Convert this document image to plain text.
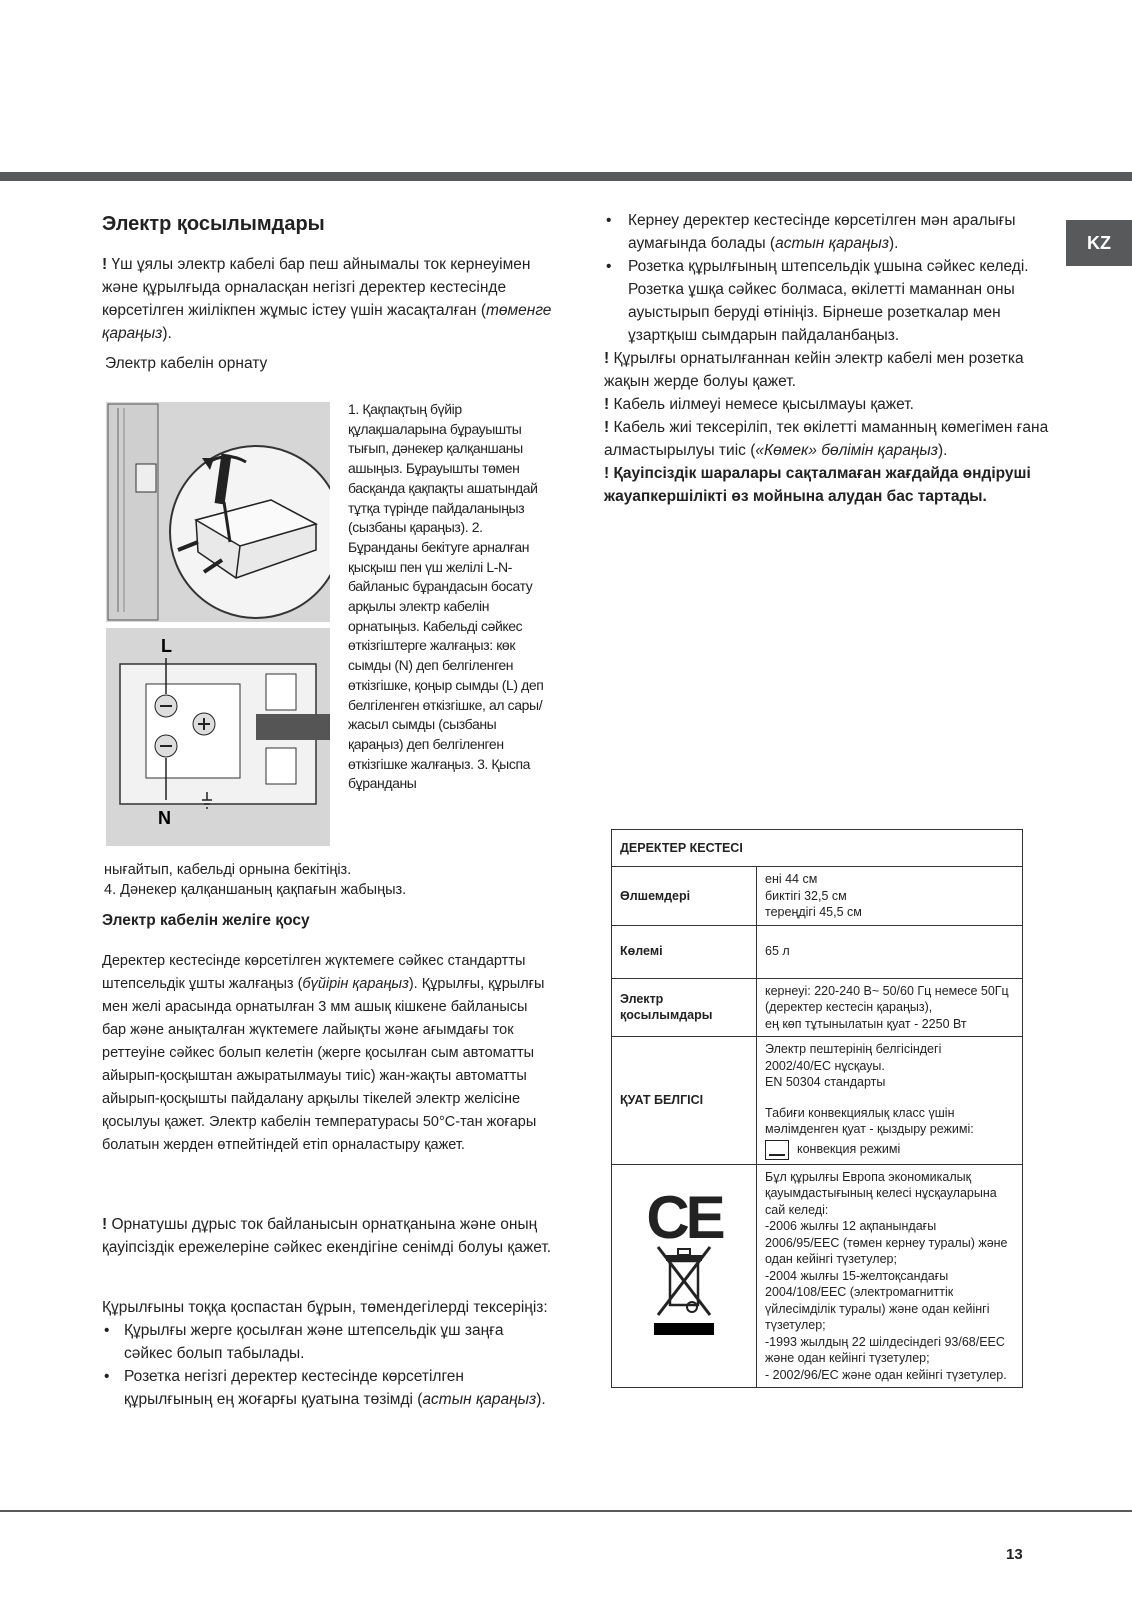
KZ
Электр қосылымдары

! Үш ұялы электр кабелі бар пеш айнымалы ток кернеуімен және құрылғыда орналасқан негізгі деректер кестесінде көрсетілген жиілікпен жұмыс істеу үшін жасақталған (төменге қараңыз).

Электр кабелін орнату
L
N
1. Қақпақтың бүйір құлақшаларына бұрауышты тығып, дәнекер қалқаншаны ашыңыз. Бұрауышты төмен басқанда қақпақты ашатындай тұтқа түрінде пайдаланыңыз (сызбаны қараңыз). 2. Бұранданы бекітуге арналған қысқыш пен үш желілі L-N- байланыс бұрандасын босату арқылы электр кабелін орнатыңыз. Кабельді сәйкес өткізгіштерге жалғаңыз: көк сымды (N) деп белгіленген өткізгішке, қоңыр сымды (L) деп белгіленген өткізгішке, ал сары/жасыл сымды (сызбаны қараңыз) деп белгіленген өткізгішке жалғаңыз. 3. Қыспа бұранданы
нығайтып, кабельді орнына бекітіңіз.
4. Дәнекер қалқаншаның қақпағын жабыңыз.
Электр кабелін желіге қосу

Деректер кестесінде көрсетілген жүктемеге сәйкес стандартты штепсельдік ұшты жалғаңыз (бүйірін қараңыз). Құрылғы, құрылғы мен желі арасында орнатылған 3 мм ашық кішкене байланысы бар және анықталған жүктемеге лайықты және ағымдағы ток реттеуіне сәйкес болып келетін (жерге қосылған сым автоматты айырып-қосқыштан ажыратылмауы тиіс) жан-жақты автоматты айырып-қосқышты пайдалану арқылы тікелей электр желісіне қосылуы қажет. Электр кабелін температурасы 50°C-тан жоғары болатын жерден өтпейтіндей етіп орналастыру қажет.

! Орнатушы дұрыс ток байланысын орнатқанына және оның қауіпсіздік ережелеріне сәйкес екендігіне сенімді болуы қажет.

Құрылғыны тоққа қоспастан бұрын, төмендегілерді тексеріңіз:

• Құрылғы жерге қосылған және штепсельдік ұш заңға сәйкес болып табылады.
• Розетка негізгі деректер кестесінде көрсетілген құрылғының ең жоғарғы қуатына төзімді (астын қараңыз).
• Кернеу деректер кестесінде көрсетілген мән аралығы аумағында болады (астын қараңыз).
• Розетка құрылғының штепсельдік ұшына сәйкес келеді. Розетка ұшқа сәйкес болмаса, өкілетті маманнан оны ауыстырып беруді өтініңіз. Бірнеше розеткалар мен ұзартқыш сымдарын пайдаланбаңыз.

! Құрылғы орнатылғаннан кейін электр кабелі мен розетка жақын жерде болуы қажет.

! Кабель иілмеуі немесе қысылмауы қажет.

! Кабель жиі тексеріліп, тек өкілетті маманның көмегімен ғана алмастырылуы тиіс («Көмек» бөлімін қараңыз).

! Қауіпсіздік шаралары сақталмаған жағдайда өндіруші жауапкершілікті өз мойнына алудан бас тартады.

ДЕРЕКТЕР КЕСТЕСІ	
Өлшемдері	ені 44 см
биктігі 32,5 см
тереңдігі 45,5 см

Көлемі	65 л
Электр қосылымдары	кернеуі: 220-240 В~ 50/60 Гц немесе 50Гц (деректер кестесін қараңыз),
ең көп тұтынылатын қуат - 2250 Вт

ҚУАТ БЕЛГІСІ	Электр пештерінің белгісіндегі
2002/40/EC нұсқауы.
EN 50304 стандарты
Табиғи конвекциялық класс үшін мәлімденген қуат - қыздыру режимі:
конвекция режимі

CE	Бұл құрылғы Европа экономикалық қауымдастығының келесі нұсқауларына сай келеді:
-2006 жылғы 12 ақпанындағы 2006/95/EEC (төмен кернеу туралы) және одан кейінгі түзетулер;
-2004 жылғы 15-желтоқсандағы 2004/108/EEC (электромагниттік үйлесімділік туралы) және одан кейінгі түзетулер;
-1993 жылдың 22 шілдесіндегі 93/68/EEC және одан кейінгі түзетулер;
- 2002/96/EC және одан кейінгі түзетулер.
13
